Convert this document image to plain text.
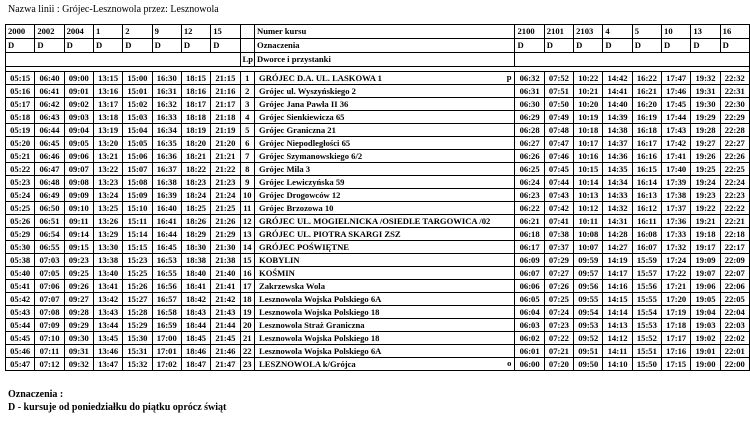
Nazwa linii : Grójec-Lesznowola przez: Lesznowola
2000	2002	2004	1	2	9	12	15		Numer kursu	2100	2101	2103	4	5	10	13	16
D	D	D	D	D	D	D	D		Oznaczenia	D	D	D	D	D	D	D	D
								Lp	Dworce i przystanki								

05:15	06:40	09:00	13:15	15:00	16:30	18:15	21:15	1	GRÓJEC D.A. UL. LASKOWA 1 p	06:32	07:52	10:22	14:42	16:22	17:47	19:32	22:32
05:16	06:41	09:01	13:16	15:01	16:31	18:16	21:16	2	Grójec ul. Wyszyńskiego 2	06:31	07:51	10:21	14:41	16:21	17:46	19:31	22:31
05:17	06:42	09:02	13:17	15:02	16:32	18:17	21:17	3	Grójec Jana Pawła II 36	06:30	07:50	10:20	14:40	16:20	17:45	19:30	22:30
05:18	06:43	09:03	13:18	15:03	16:33	18:18	21:18	4	Grójec Sienkiewicza 65	06:29	07:49	10:19	14:39	16:19	17:44	19:29	22:29
05:19	06:44	09:04	13:19	15:04	16:34	18:19	21:19	5	Grójec Graniczna 21	06:28	07:48	10:18	14:38	16:18	17:43	19:28	22:28
05:20	06:45	09:05	13:20	15:05	16:35	18:20	21:20	6	Grójec Niepodległości 65	06:27	07:47	10:17	14:37	16:17	17:42	19:27	22:27
05:21	06:46	09:06	13:21	15:06	16:36	18:21	21:21	7	Grójec Szymanowskiego 6/2	06:26	07:46	10:16	14:36	16:16	17:41	19:26	22:26
05:22	06:47	09:07	13:22	15:07	16:37	18:22	21:22	8	Grójec Mila 3	06:25	07:45	10:15	14:35	16:15	17:40	19:25	22:25
05:23	06:48	09:08	13:23	15:08	16:38	18:23	21:23	9	Grójec Lewiczyńska 59	06:24	07:44	10:14	14:34	16:14	17:39	19:24	22:24
05:24	06:49	09:09	13:24	15:09	16:39	18:24	21:24	10	Grójec Drogowców 12	06:23	07:43	10:13	14:33	16:13	17:38	19:23	22:23
05:25	06:50	09:10	13:25	15:10	16:40	18:25	21:25	11	Grójec Brzozowa 10	06:22	07:42	10:12	14:32	16:12	17:37	19:22	22:22
05:26	06:51	09:11	13:26	15:11	16:41	18:26	21:26	12	GRÓJEC UL. MOGIELNICKA /OSIEDLE TARGOWICA /02	06:21	07:41	10:11	14:31	16:11	17:36	19:21	22:21
05:29	06:54	09:14	13:29	15:14	16:44	18:29	21:29	13	GRÓJEC UL. PIOTRA SKARGI ZSZ	06:18	07:38	10:08	14:28	16:08	17:33	19:18	22:18
05:30	06:55	09:15	13:30	15:15	16:45	18:30	21:30	14	GRÓJEC POŚWIĘTNE	06:17	07:37	10:07	14:27	16:07	17:32	19:17	22:17
05:38	07:03	09:23	13:38	15:23	16:53	18:38	21:38	15	KOBYLIN	06:09	07:29	09:59	14:19	15:59	17:24	19:09	22:09
05:40	07:05	09:25	13:40	15:25	16:55	18:40	21:40	16	KOŚMIN	06:07	07:27	09:57	14:17	15:57	17:22	19:07	22:07
05:41	07:06	09:26	13:41	15:26	16:56	18:41	21:41	17	Zakrzewska Wola	06:06	07:26	09:56	14:16	15:56	17:21	19:06	22:06
05:42	07:07	09:27	13:42	15:27	16:57	18:42	21:42	18	Lesznowola Wojska Polskiego 6A	06:05	07:25	09:55	14:15	15:55	17:20	19:05	22:05
05:43	07:08	09:28	13:43	15:28	16:58	18:43	21:43	19	Lesznowola Wojska Polskiego 18	06:04	07:24	09:54	14:14	15:54	17:19	19:04	22:04
05:44	07:09	09:29	13:44	15:29	16:59	18:44	21:44	20	Lesznowola Straż Graniczna	06:03	07:23	09:53	14:13	15:53	17:18	19:03	22:03
05:45	07:10	09:30	13:45	15:30	17:00	18:45	21:45	21	Lesznowola Wojska Polskiego 18	06:02	07:22	09:52	14:12	15:52	17:17	19:02	22:02
05:46	07:11	09:31	13:46	15:31	17:01	18:46	21:46	22	Lesznowola Wojska Polskiego 6A	06:01	07:21	09:51	14:11	15:51	17:16	19:01	22:01
05:47	07:12	09:32	13:47	15:32	17:02	18:47	21:47	23	LESZNOWOLA k/Grójca o	06:00	07:20	09:50	14:10	15:50	17:15	19:00	22:00
Oznaczenia :
D - kursuje od poniedziałku do piątku oprócz świąt
